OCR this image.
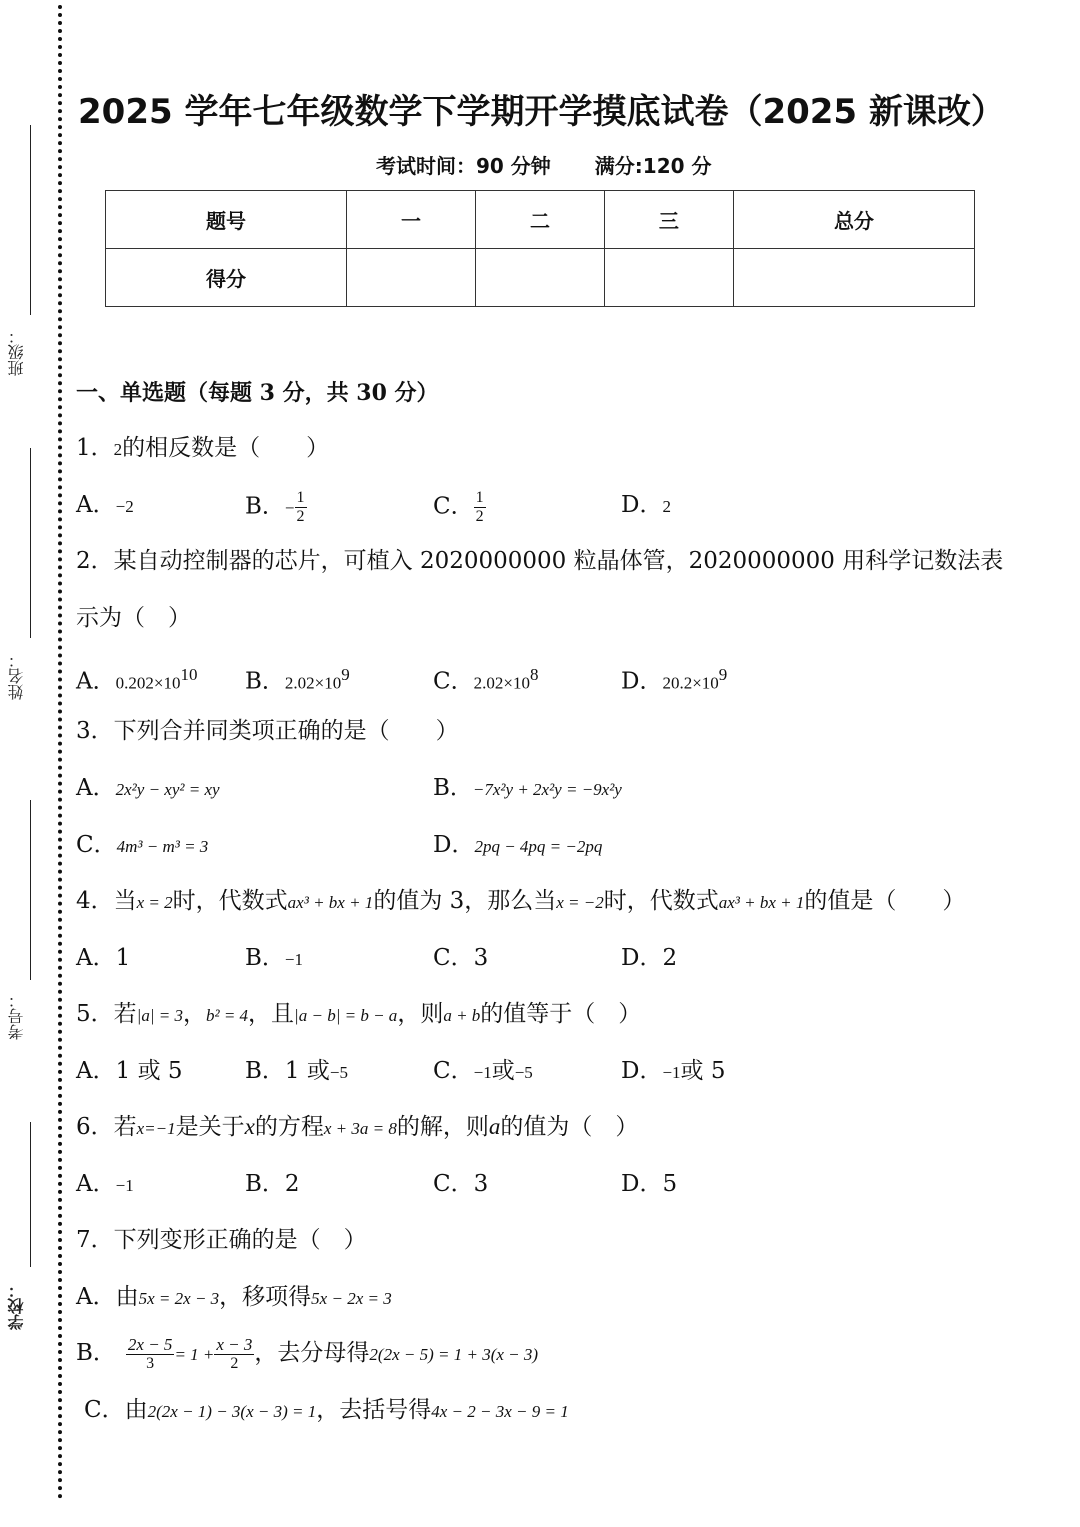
班级：
姓名：
考号：
学校：
2025 学年七年级数学下学期开学摸底试卷（2025 新课改）
考试时间：90 分钟 满分:120 分
题号	一	二	三	总分
得分				
一、单选题（每题 3 分，共 30 分）
1．2的相反数是（　　）
A．−2	B．− $\frac{1}{2}$	C． $\frac{1}{2}$	D．2
2．某自动控制器的芯片，可植入 2020000000 粒晶体管，2020000000 用科学记数法表
示为（　）
A．$0.202\times 10^{10}$ B．$2.02\times 10^9$	C．$2.02\times 10^8$	D．$20.2\times 10^9$
3．下列合并同类项正确的是（　　）
A．2x²y − xy² = xy	B．−7x²y + 2x²y = −9x²y
C．4m³ − m³ = 3	D．2pq − 4pq = −2pq
4．当x = 2时，代数式ax³ + bx + 1的值为 3，那么当x = −2时，代数式ax³ + bx + 1的值是（　　）
A．1	B．−1	C．3	D．2
5．若|a| = 3，b² = 4，且|a − b| = b − a，则a + b的值等于（　）
A．1 或 5	B．1 或−5	C．−1或−5	D．−1或 5
6．若x=−1是关于x的方程x + 3a = 8的解，则a的值为（　）
A．−1	B．2	C．3	D．5
7．下列变形正确的是（　）
A．由5x = 2x − 3，移项得5x − 2x = 3
B． $\frac{2x - 5}{3} = 1 + \frac{x - 3}{2}$ ，去分母得2(2x − 5) = 1 + 3(x − 3)
C．由2(2x − 1) − 3(x − 3) = 1，去括号得4x − 2 − 3x − 9 = 1
